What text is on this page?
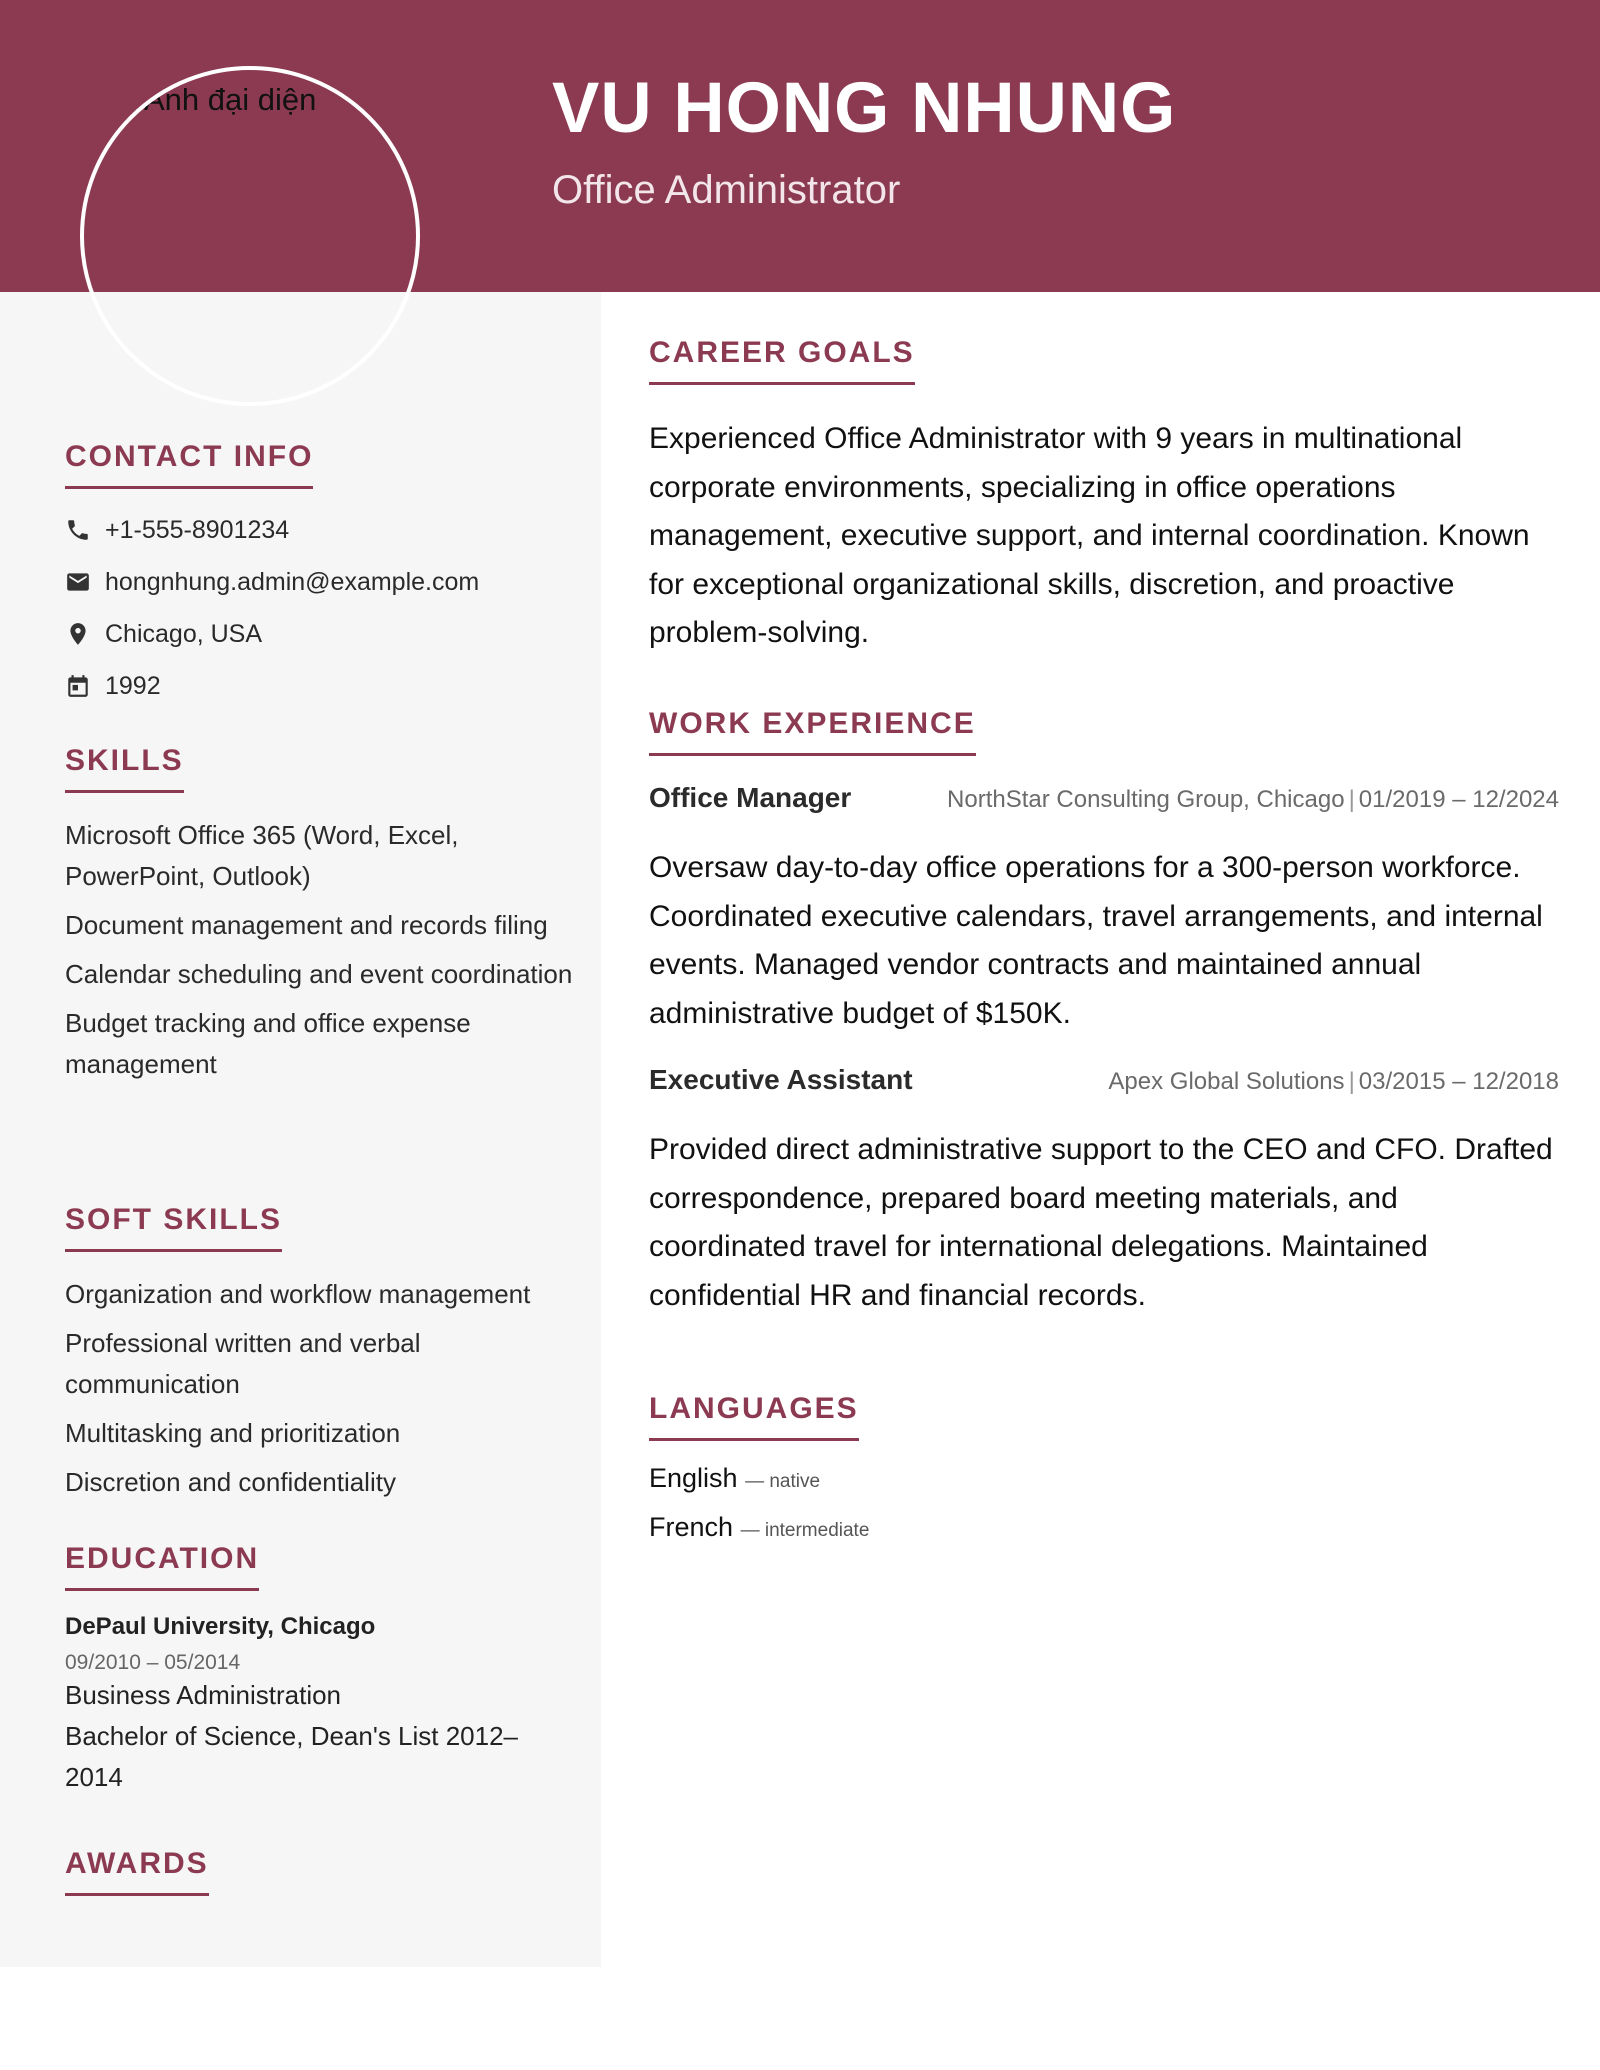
VU HONG NHUNG
Office Administrator
CONTACT INFO
+1-555-8901234
hongnhung.admin@example.com
Chicago, USA
1992
SKILLS
Microsoft Office 365 (Word, Excel, PowerPoint, Outlook)
Document management and records filing
Calendar scheduling and event coordination
Budget tracking and office expense management
SOFT SKILLS
Organization and workflow management
Professional written and verbal communication
Multitasking and prioritization
Discretion and confidentiality
EDUCATION
DePaul University, Chicago
09/2010 – 05/2014
Business Administration
Bachelor of Science, Dean's List 2012–2014
AWARDS
Ảnh đại diện
CAREER GOALS

Experienced Office Administrator with 9 years in multinational corporate environments, specializing in office operations management, executive support, and internal coordination. Known for exceptional organizational skills, discretion, and proactive problem-solving.

WORK EXPERIENCE
Office Manager	NorthStar Consulting Group, Chicago | 01/2019 – 12/2024

Oversaw day-to-day office operations for a 300-person workforce. Coordinated executive calendars, travel arrangements, and internal events. Managed vendor contracts and maintained annual administrative budget of $150K.

Executive Assistant	Apex Global Solutions | 03/2015 – 12/2018

Provided direct administrative support to the CEO and CFO. Drafted correspondence, prepared board meeting materials, and coordinated travel for international delegations. Maintained confidential HR and financial records.

LANGUAGES
English — native
French — intermediate
